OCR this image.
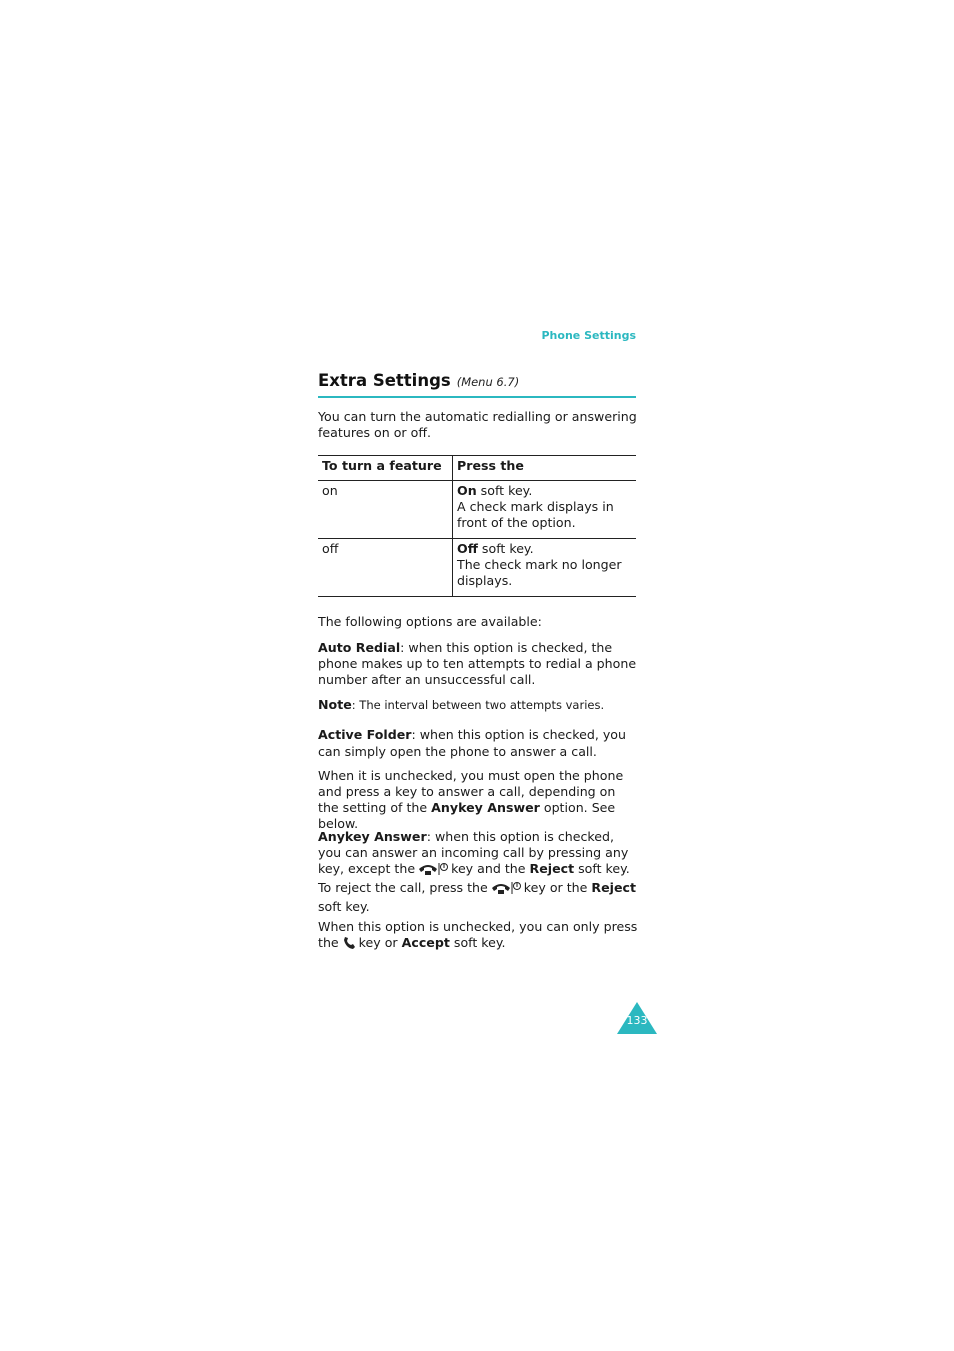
Phone Settings
Extra Settings (Menu 6.7)
You can turn the automatic redialling or answering features on or off.
To turn a feature	Press the
on	On soft key.
A check mark displays in front of the option.
off	Off soft key.
The check mark no longer displays.
The following options are available:
Auto Redial: when this option is checked, the phone makes up to ten attempts to redial a phone number after an unsuccessful call.
Note: The interval between two attempts varies.
Active Folder: when this option is checked, you can simply open the phone to answer a call.
When it is unchecked, you must open the phone and press a key to answer a call, depending on the setting of the Anykey Answer option. See below.
Anykey Answer: when this option is checked, you can answer an incoming call by pressing any key, except the	key and the Reject soft key. To reject the call, press the	key or the Reject soft key.
When this option is unchecked, you can only press the key or Accept soft key.
133
